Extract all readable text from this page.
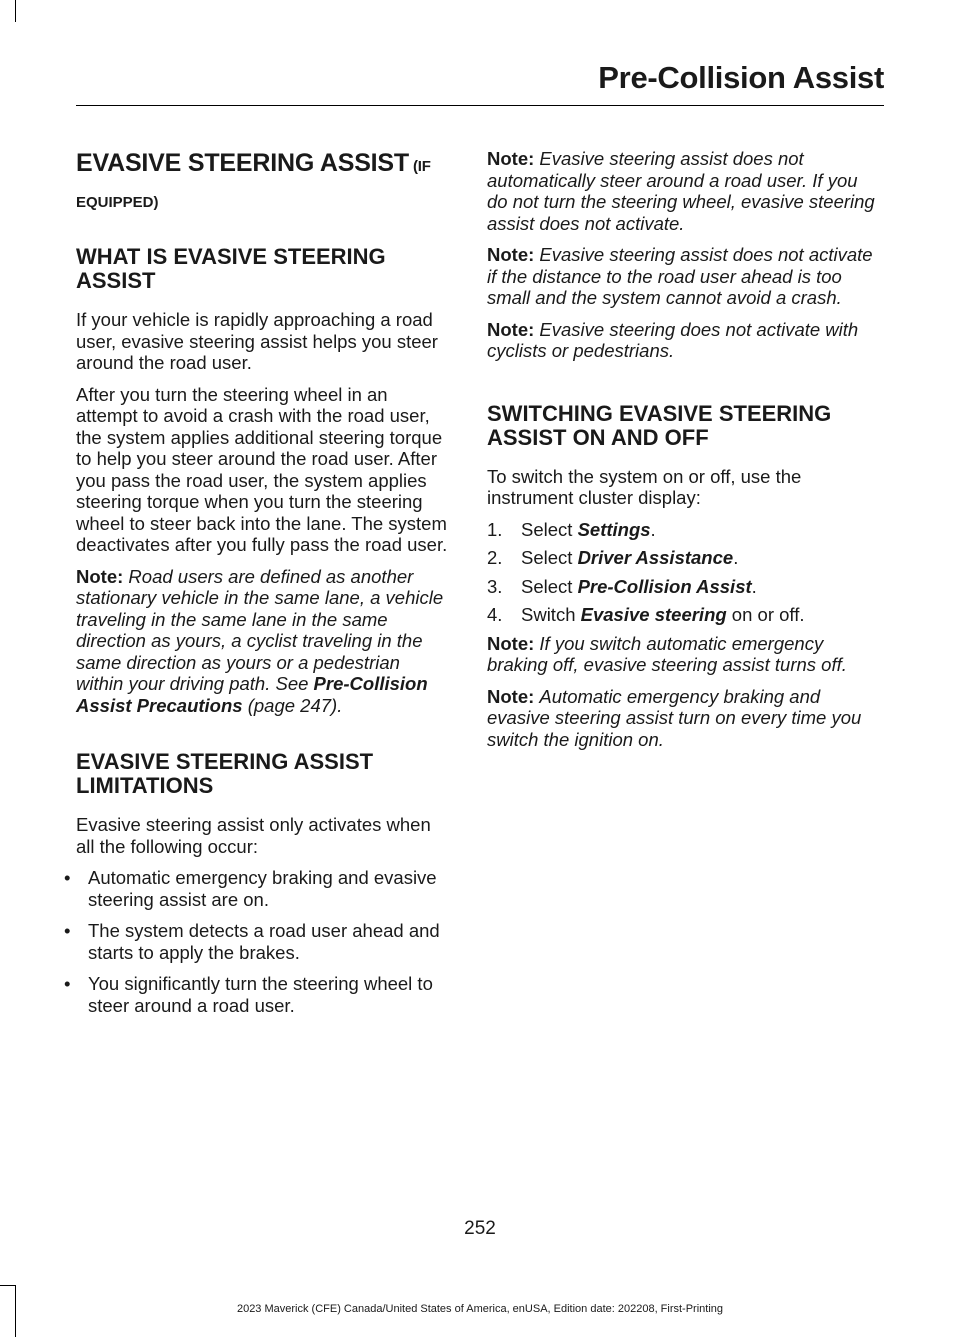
Pre-Collision Assist

EVASIVE STEERING ASSIST (IF

EQUIPPED)

WHAT IS EVASIVE STEERING ASSIST

If your vehicle is rapidly approaching a road user, evasive steering assist helps you steer around the road user.

After you turn the steering wheel in an attempt to avoid a crash with the road user, the system applies additional steering torque to help you steer around the road user. After you pass the road user, the system applies steering torque when you turn the steering wheel to steer back into the lane. The system deactivates after you fully pass the road user.

Note: Road users are defined as another stationary vehicle in the same lane, a vehicle traveling in the same lane in the same direction as yours, a cyclist traveling in the same direction as yours or a pedestrian within your driving path. See Pre-Collision Assist Precautions (page 247).

EVASIVE STEERING ASSIST LIMITATIONS

Evasive steering assist only activates when all the following occur:

• Automatic emergency braking and evasive steering assist are on.
• The system detects a road user ahead and starts to apply the brakes.
• You significantly turn the steering wheel to steer around a road user.

Note: Evasive steering assist does not automatically steer around a road user. If you do not turn the steering wheel, evasive steering assist does not activate.

Note: Evasive steering assist does not activate if the distance to the road user ahead is too small and the system cannot avoid a crash.

Note: Evasive steering does not activate with cyclists or pedestrians.

SWITCHING EVASIVE STEERING ASSIST ON AND OFF

To switch the system on or off, use the instrument cluster display:

1. Select Settings.
2. Select Driver Assistance.
3. Select Pre-Collision Assist.
4. Switch Evasive steering on or off.

Note: If you switch automatic emergency braking off, evasive steering assist turns off.

Note: Automatic emergency braking and evasive steering assist turn on every time you switch the ignition on.

252
2023 Maverick (CFE) Canada/United States of America, enUSA, Edition date: 202208, First-Printing
